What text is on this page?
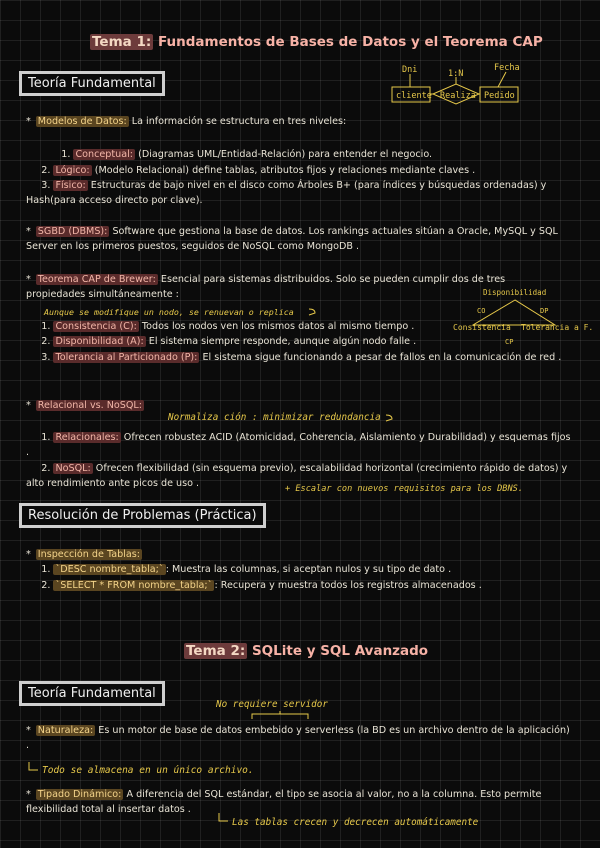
Tema 1: Fundamentos de Bases de Datos y el Teorema CAP
Teoría Fundamental
Dni	1:N
Fecha
cliente Realiza Pedido
* Modelos de Datos: La información se estructura en tres niveles:
1. Conceptual: (Diagramas UML/Entidad-Relación) para entender el negocio.
2. Lógico: (Modelo Relacional) define tablas, atributos fijos y relaciones mediante claves .
3. Físico: Estructuras de bajo nivel en el disco como Árboles B+ (para índices y búsquedas ordenadas) y Hash(para acceso directo por clave).
* SGBD (DBMS): Software que gestiona la base de datos. Los rankings actuales sitúan a Oracle, MySQL y SQL Server en los primeros puestos, seguidos de NoSQL como MongoDB .
* Teorema CAP de Brewer: Esencial para sistemas distribuidos. Solo se pueden cumplir dos de tres propiedades simultáneamente :
Aunque se modifique un nodo, se renuevan o replica
Disponibilidad
CO	DP
Consistencia Tolerancia a F.
CP
1. Consistencia (C): Todos los nodos ven los mismos datos al mismo tiempo .
2. Disponibilidad (A): El sistema siempre responde, aunque algún nodo falle .
3. Tolerancia al Particionado (P): El sistema sigue funcionando a pesar de fallos en la comunicación de red .
* Relacional vs. NoSQL:
Normaliza ción : minimizar redundancia
1. Relacionales: Ofrecen robustez ACID (Atomicidad, Coherencia, Aislamiento y Durabilidad) y esquemas fijos .
2. NoSQL: Ofrecen flexibilidad (sin esquema previo), escalabilidad horizontal (crecimiento rápido de datos) y alto rendimiento ante picos de uso .	+ Escalar con nuevos requisitos para los DBNS.
Resolución de Problemas (Práctica)
* Inspección de Tablas:
1. `DESC nombre_tabla;` : Muestra las columnas, si aceptan nulos y su tipo de dato .
2. `SELECT * FROM nombre_tabla;` : Recupera y muestra todos los registros almacenados .
Tema 2: SQLite y SQL Avanzado
Teoría Fundamental
No requiere servidor
* Naturaleza: Es un motor de base de datos embebido y serverless (la BD es un archivo dentro de la aplicación) .
Todo se almacena en un único archivo.
* Tipado Dinámico: A diferencia del SQL estándar, el tipo se asocia al valor, no a la columna. Esto permite flexibilidad total al insertar datos .
Las tablas crecen y decrecen automáticamente
